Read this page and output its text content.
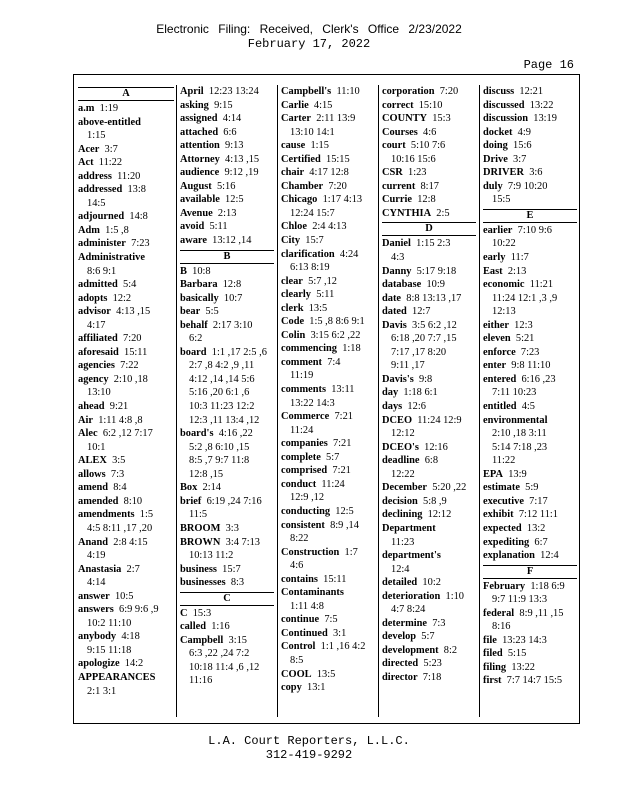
Electronic Filing: Received, Clerk's Office 2/23/2022
February 17, 2022
Page 16
A
a.m 1:19
above-entitled
1:15
Acer 3:7
Act 11:22
address 11:20
addressed 13:8
14:5
adjourned 14:8
Adm 1:5 ,8
administer 7:23
Administrative
8:6 9:1
admitted 5:4
adopts 12:2
advisor 4:13 ,15
4:17
affiliated 7:20
aforesaid 15:11
agencies 7:22
agency 2:10 ,18
13:10
ahead 9:21
Air 1:11 4:8 ,8
Alec 6:2 ,12 7:17
10:1
ALEX 3:5
allows 7:3
amend 8:4
amended 8:10
amendments 1:5
4:5 8:11 ,17 ,20
Anand 2:8 4:15
4:19
Anastasia 2:7
4:14
answer 10:5
answers 6:9 9:6 ,9
10:2 11:10
anybody 4:18
9:15 11:18
apologize 14:2
APPEARANCES
2:1 3:1
April 12:23 13:24
asking 9:15
assigned 4:14
attached 6:6
attention 9:13
Attorney 4:13 ,15
audience 9:12 ,19
August 5:16
available 12:5
Avenue 2:13
avoid 5:11
aware 13:12 ,14
B
B 10:8
Barbara 12:8
basically 10:7
bear 5:5
behalf 2:17 3:10
6:2
board 1:1 ,17 2:5 ,6
2:7 ,8 4:2 ,9 ,11
4:12 ,14 ,14 5:6
5:16 ,20 6:1 ,6
10:3 11:23 12:2
12:3 ,11 13:4 ,12
board's 4:16 ,22
5:2 ,8 6:10 ,15
8:5 ,7 9:7 11:8
12:8 ,15
Box 2:14
brief 6:19 ,24 7:16
11:5
BROOM 3:3
BROWN 3:4 7:13
10:13 11:2
business 15:7
businesses 8:3
C
C 15:3
called 1:16
Campbell 3:15
6:3 ,22 ,24 7:2
10:18 11:4 ,6 ,12
11:16
Campbell's 11:10
Carlie 4:15
Carter 2:11 13:9
13:10 14:1
cause 1:15
Certified 15:15
chair 4:17 12:8
Chamber 7:20
Chicago 1:17 4:13
12:24 15:7
Chloe 2:4 4:13
City 15:7
clarification 4:24
6:13 8:19
clear 5:7 ,12
clearly 5:11
clerk 13:5
Code 1:5 ,8 8:6 9:1
Colin 3:15 6:2 ,22
commencing 1:18
comment 7:4
11:19
comments 13:11
13:22 14:3
Commerce 7:21
11:24
companies 7:21
complete 5:7
comprised 7:21
conduct 11:24
12:9 ,12
conducting 12:5
consistent 8:9 ,14
8:22
Construction 1:7
4:6
contains 15:11
Contaminants
1:11 4:8
continue 7:5
Continued 3:1
Control 1:1 ,16 4:2
8:5
COOL 13:5
copy 13:1
corporation 7:20
correct 15:10
COUNTY 15:3
Courses 4:6
court 5:10 7:6
10:16 15:6
CSR 1:23
current 8:17
Currie 12:8
CYNTHIA 2:5
D
Daniel 1:15 2:3
4:3
Danny 5:17 9:18
database 10:9
date 8:8 13:13 ,17
dated 12:7
Davis 3:5 6:2 ,12
6:18 ,20 7:7 ,15
7:17 ,17 8:20
9:11 ,17
Davis's 9:8
day 1:18 6:1
days 12:6
DCEO 11:24 12:9
12:12
DCEO's 12:16
deadline 6:8
12:22
December 5:20 ,22
decision 5:8 ,9
declining 12:12
Department
11:23
department's
12:4
detailed 10:2
deterioration 1:10
4:7 8:24
determine 7:3
develop 5:7
development 8:2
directed 5:23
director 7:18
discuss 12:21
discussed 13:22
discussion 13:19
docket 4:9
doing 15:6
Drive 3:7
DRIVER 3:6
duly 7:9 10:20
15:5
E
earlier 7:10 9:6
10:22
early 11:7
East 2:13
economic 11:21
11:24 12:1 ,3 ,9
12:13
either 12:3
eleven 5:21
enforce 7:23
enter 9:8 11:10
entered 6:16 ,23
7:11 10:23
entitled 4:5
environmental
2:10 ,18 3:11
5:14 7:18 ,23
11:22
EPA 13:9
estimate 5:9
executive 7:17
exhibit 7:12 11:1
expected 13:2
expediting 6:7
explanation 12:4
F
February 1:18 6:9
9:7 11:9 13:3
federal 8:9 ,11 ,15
8:16
file 13:23 14:3
filed 5:15
filing 13:22
first 7:7 14:7 15:5
L.A. Court Reporters, L.L.C.
312-419-9292
